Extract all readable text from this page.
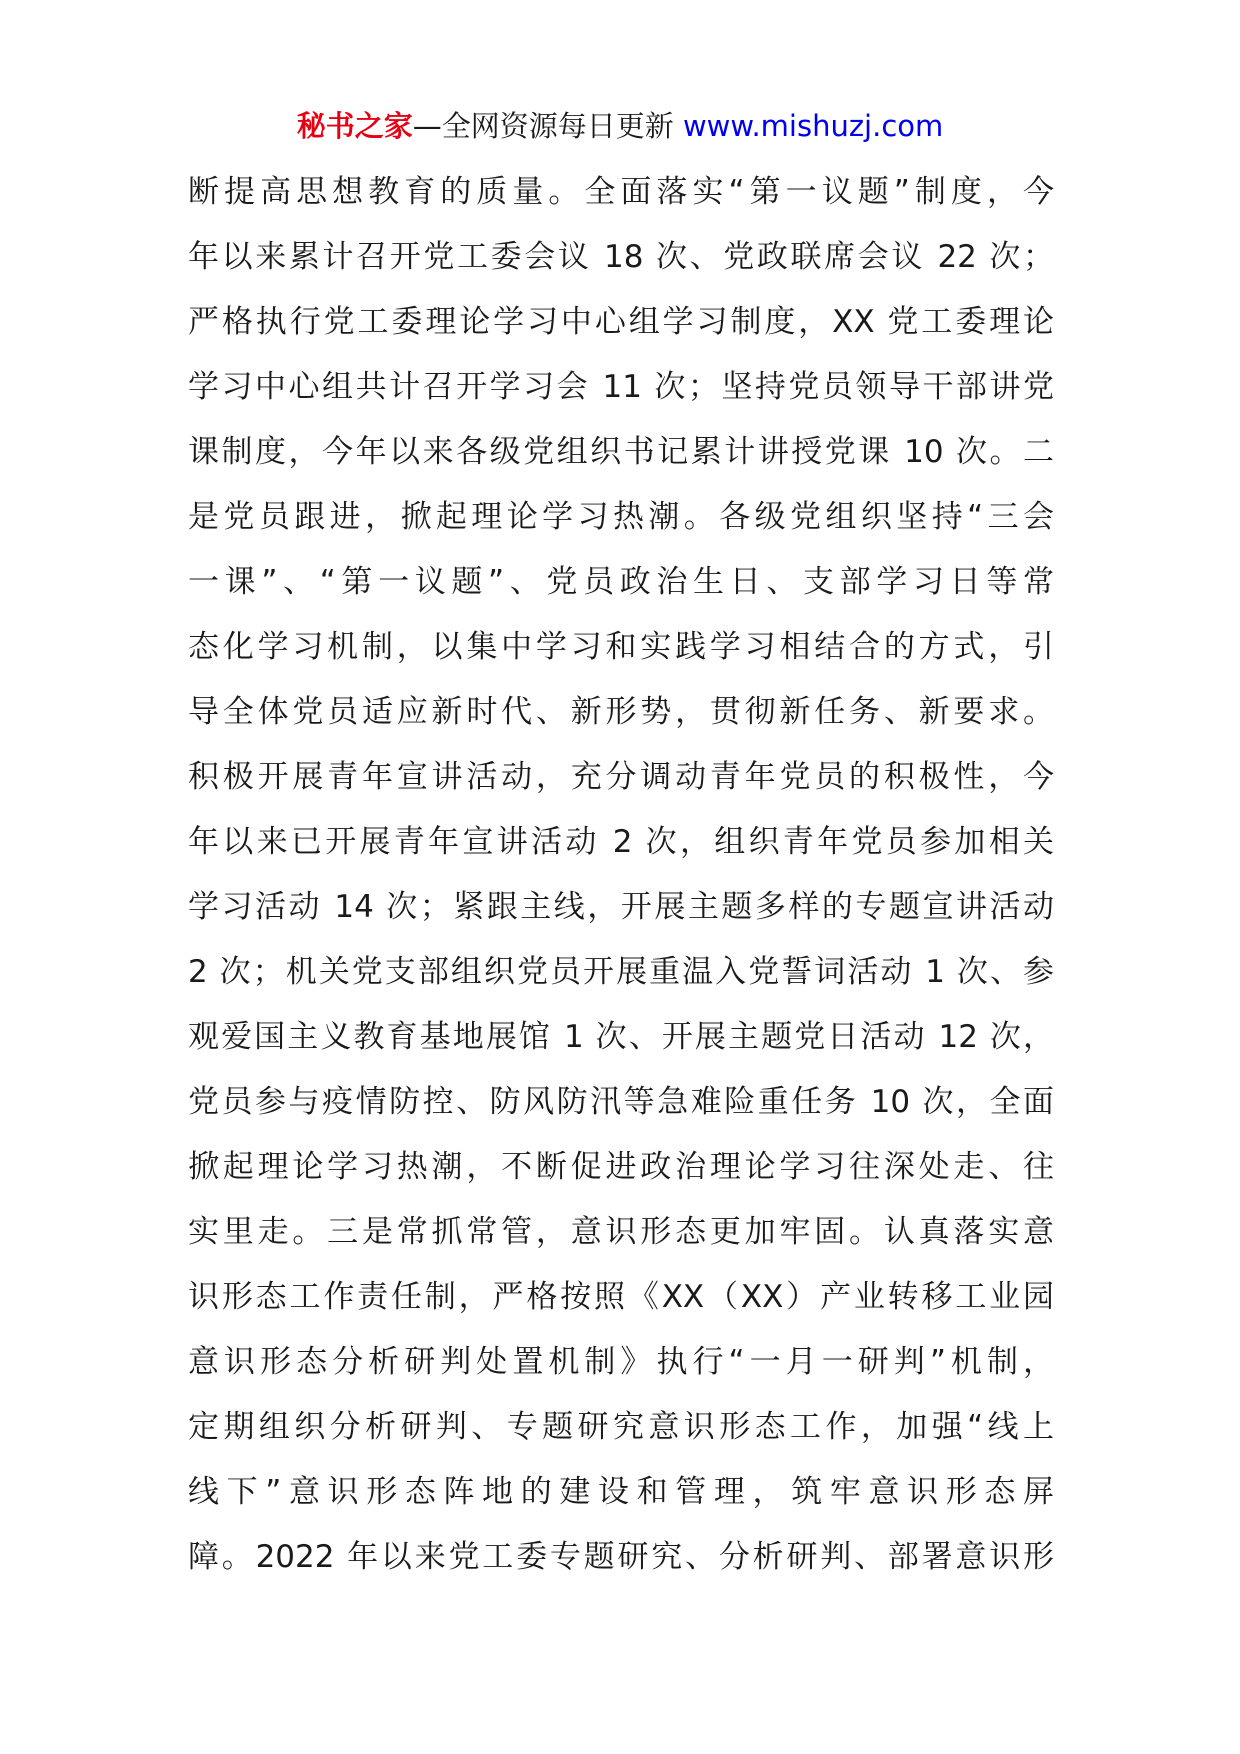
秘书之家—全网资源每日更新 www.mishuzj.com
断提高思想教育的质量。全面落实“第一议题”制度，今
年以来累计召开党工委会议 18 次、党政联席会议 22 次；
严格执行党工委理论学习中心组学习制度，XX 党工委理论
学习中心组共计召开学习会 11 次；坚持党员领导干部讲党
课制度，今年以来各级党组织书记累计讲授党课 10 次。二
是党员跟进，掀起理论学习热潮。各级党组织坚持“三会
一课”、“第一议题”、党员政治生日、支部学习日等常
态化学习机制，以集中学习和实践学习相结合的方式，引
导全体党员适应新时代、新形势，贯彻新任务、新要求。
积极开展青年宣讲活动，充分调动青年党员的积极性，今
年以来已开展青年宣讲活动 2 次，组织青年党员参加相关
学习活动 14 次；紧跟主线，开展主题多样的专题宣讲活动
2 次；机关党支部组织党员开展重温入党誓词活动 1 次、参
观爱国主义教育基地展馆 1 次、开展主题党日活动 12 次，
党员参与疫情防控、防风防汛等急难险重任务 10 次，全面
掀起理论学习热潮，不断促进政治理论学习往深处走、往
实里走。三是常抓常管，意识形态更加牢固。认真落实意
识形态工作责任制，严格按照《XX（XX）产业转移工业园
意识形态分析研判处置机制》执行“一月一研判”机制，
定期组织分析研判、专题研究意识形态工作，加强“线上
线下”意识形态阵地的建设和管理，筑牢意识形态屏
障。2022 年以来党工委专题研究、分析研判、部署意识形
